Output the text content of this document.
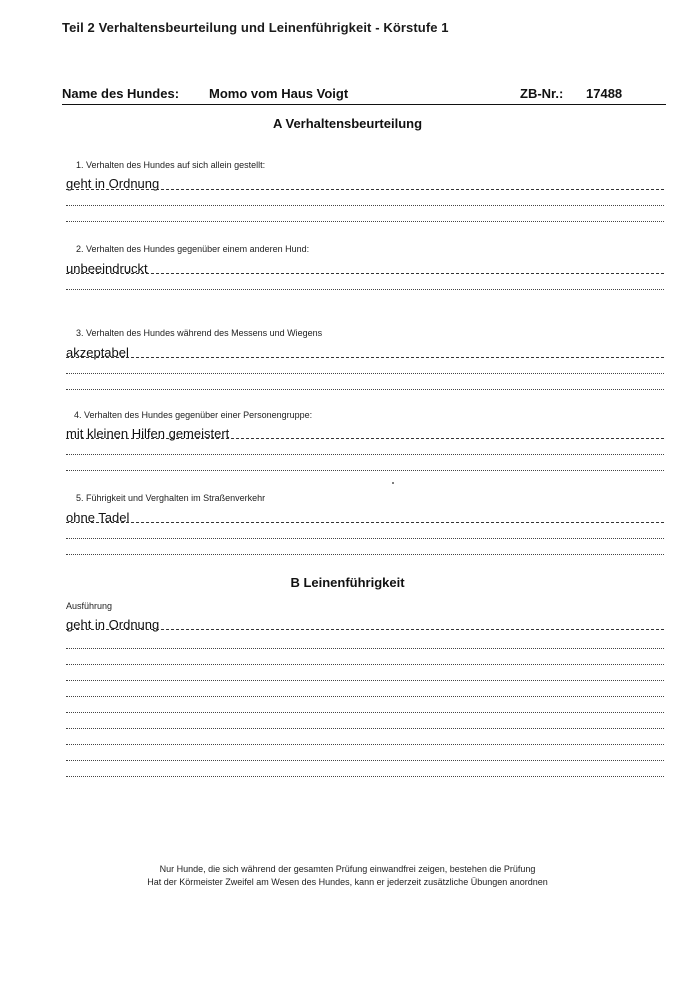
Teil 2 Verhaltensbeurteilung und Leinenführigkeit - Körstufe 1
Name des Hundes: Momo vom Haus Voigt	ZB-Nr.: 17488
A Verhaltensbeurteilung
1. Verhalten des Hundes auf sich allein gestellt:
geht in Ordnung
2. Verhalten des Hundes gegenüber einem anderen Hund:
unbeeindruckt
3. Verhalten des Hundes während des Messens und Wiegens
akzeptabel
4. Verhalten des Hundes gegenüber einer Personengruppe:
mit kleinen Hilfen gemeistert
5. Führigkeit und Verghalten im Straßenverkehr
ohne Tadel
B Leinenführigkeit
Ausführung
geht in Ordnung
Nur Hunde, die sich während der gesamten Prüfung einwandfrei zeigen, bestehen die Prüfung
Hat der Körmeister Zweifel am Wesen des Hundes, kann er jederzeit zusätzliche Übungen anordnen
